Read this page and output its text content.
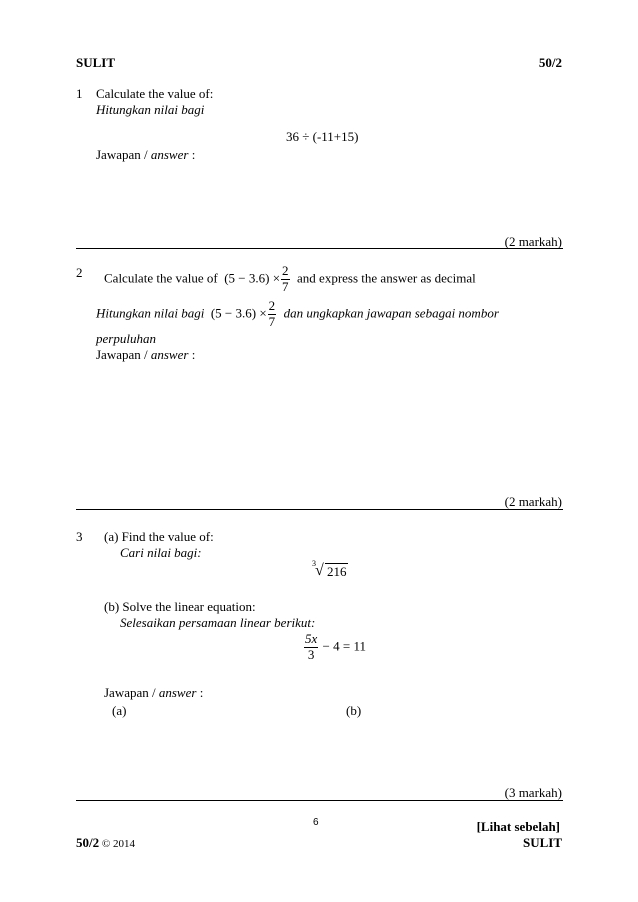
SULIT	50/2
1 Calculate the value of:
Hitungkan nilai bagi
36 ÷ (-11+15)
Jawapan / answer :
(2 markah)
2 Calculate the value of $(5 - 3.6) \times \frac{2}{7}$ and express the answer as decimal
Hitungkan nilai bagi $(5 - 3.6) \times \frac{2}{7}$ dan ungkapkan jawapan sebagai nombor
perpuluhan
Jawapan / answer :
(2 markah)
3 (a) Find the value of:
Cari nilai bagi:
3 √ 216
(b) Solve the linear equation:
Selesaikan persamaan linear berikut:
$\frac{5x}{3} - 4 = 11$
Jawapan / answer :
(a)	(b)
(3 markah)
6	[Lihat sebelah]
50/2 © 2014	SULIT
